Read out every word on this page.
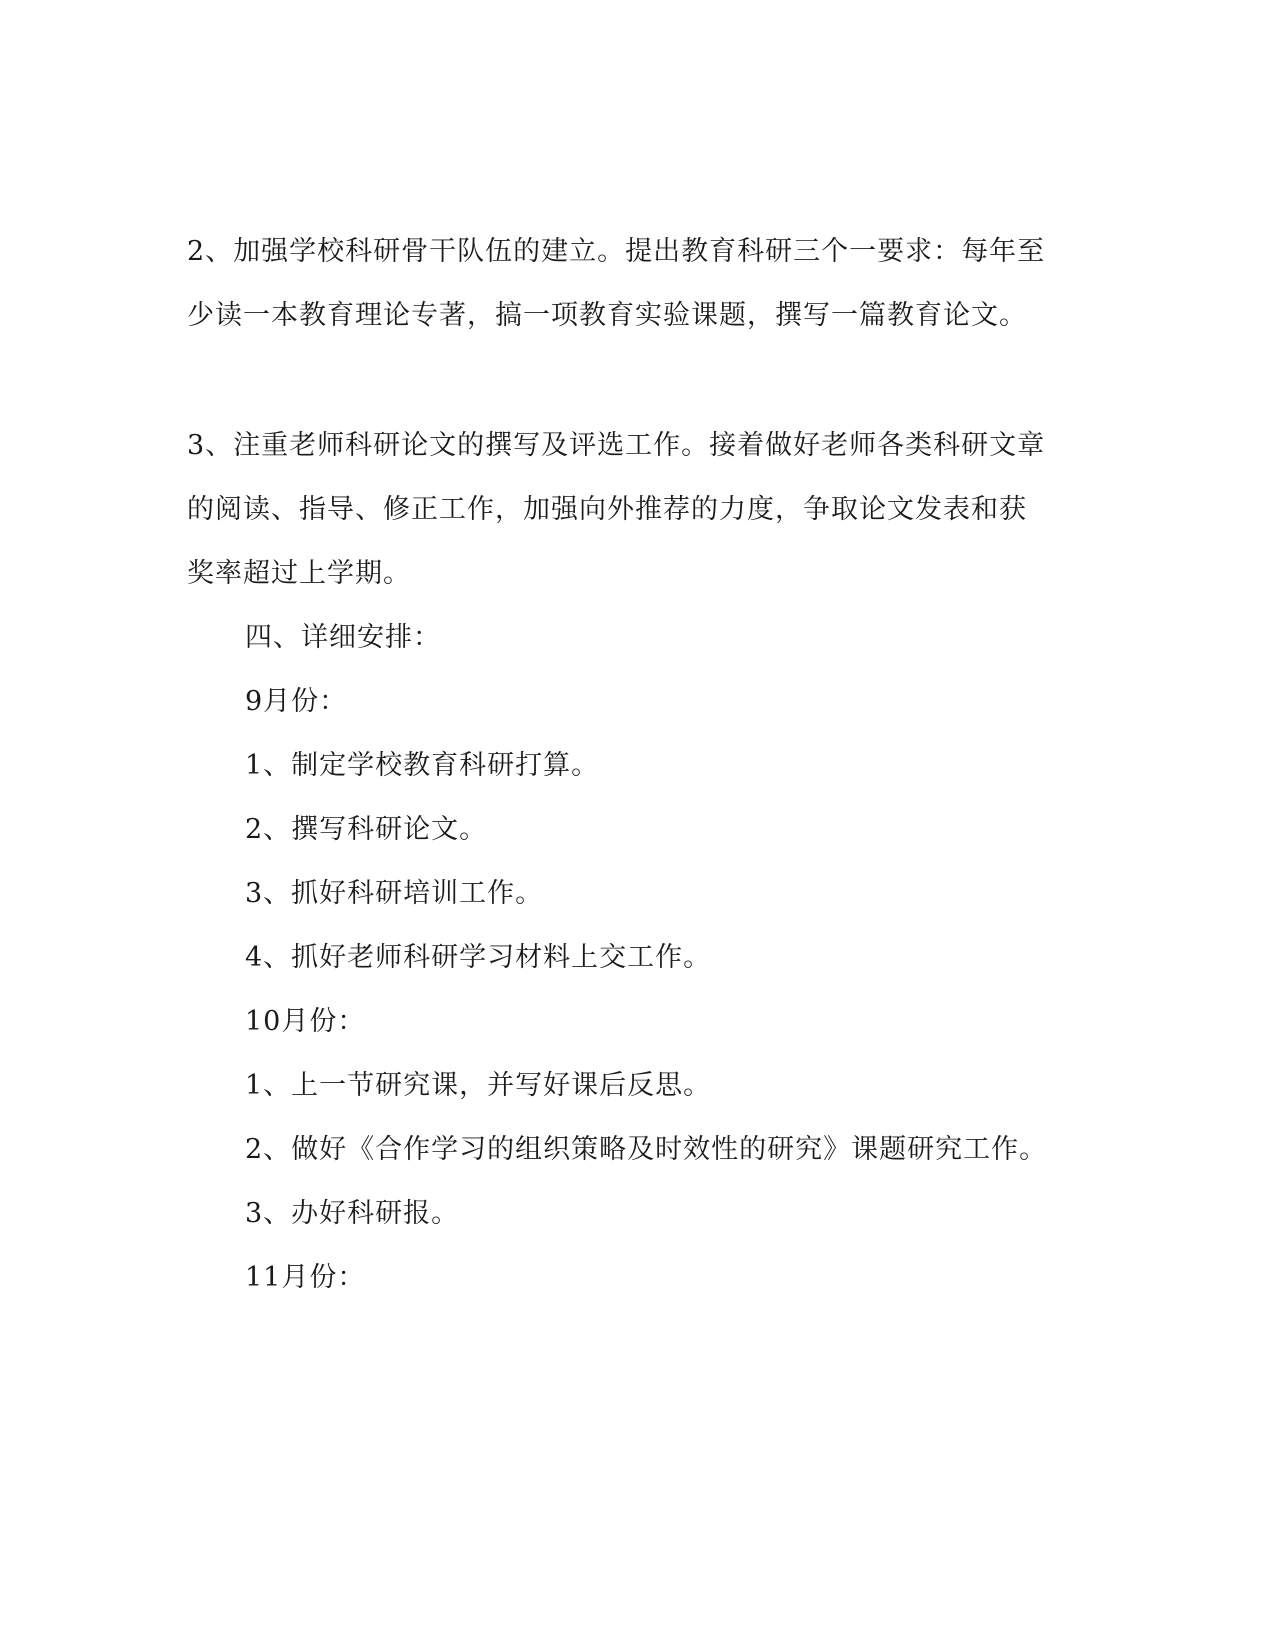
2、加强学校科研骨干队伍的建立。提出教育科研三个一要求：每年至
少读一本教育理论专著，搞一项教育实验课题，撰写一篇教育论文。
3、注重老师科研论文的撰写及评选工作。接着做好老师各类科研文章
的阅读、指导、修正工作，加强向外推荐的力度，争取论文发表和获
奖率超过上学期。
四、详细安排：
9月份：
1、制定学校教育科研打算。
2、撰写科研论文。
3、抓好科研培训工作。
4、抓好老师科研学习材料上交工作。
10月份：
1、上一节研究课，并写好课后反思。
2、做好《合作学习的组织策略及时效性的研究》课题研究工作。
3、办好科研报。
11月份：
